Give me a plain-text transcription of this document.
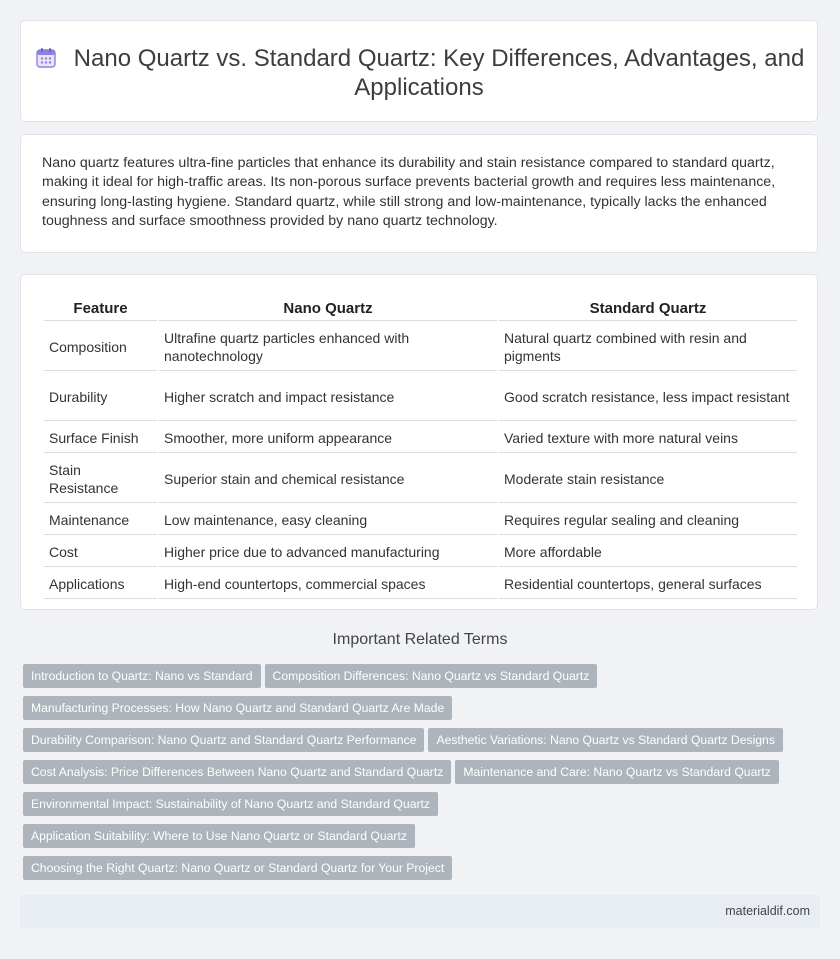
Nano Quartz vs. Standard Quartz: Key Differences, Advantages, and Applications
Nano quartz features ultra-fine particles that enhance its durability and stain resistance compared to standard quartz, making it ideal for high-traffic areas. Its non-porous surface prevents bacterial growth and requires less maintenance, ensuring long-lasting hygiene. Standard quartz, while still strong and low-maintenance, typically lacks the enhanced toughness and surface smoothness provided by nano quartz technology.
Feature	Nano Quartz	Standard Quartz
Composition	Ultrafine quartz particles enhanced with nanotechnology	Natural quartz combined with resin and pigments
Durability	Higher scratch and impact resistance	Good scratch resistance, less impact resistant
Surface Finish	Smoother, more uniform appearance	Varied texture with more natural veins
Stain Resistance	Superior stain and chemical resistance	Moderate stain resistance
Maintenance	Low maintenance, easy cleaning	Requires regular sealing and cleaning
Cost	Higher price due to advanced manufacturing	More affordable
Applications	High-end countertops, commercial spaces	Residential countertops, general surfaces
Important Related Terms
Introduction to Quartz: Nano vs Standard Composition Differences: Nano Quartz vs Standard Quartz
Manufacturing Processes: How Nano Quartz and Standard Quartz Are Made
Durability Comparison: Nano Quartz and Standard Quartz Performance Aesthetic Variations: Nano Quartz vs Standard Quartz Designs
Cost Analysis: Price Differences Between Nano Quartz and Standard Quartz Maintenance and Care: Nano Quartz vs Standard Quartz
Environmental Impact: Sustainability of Nano Quartz and Standard Quartz
Application Suitability: Where to Use Nano Quartz or Standard Quartz
Choosing the Right Quartz: Nano Quartz or Standard Quartz for Your Project
materialdif.com
